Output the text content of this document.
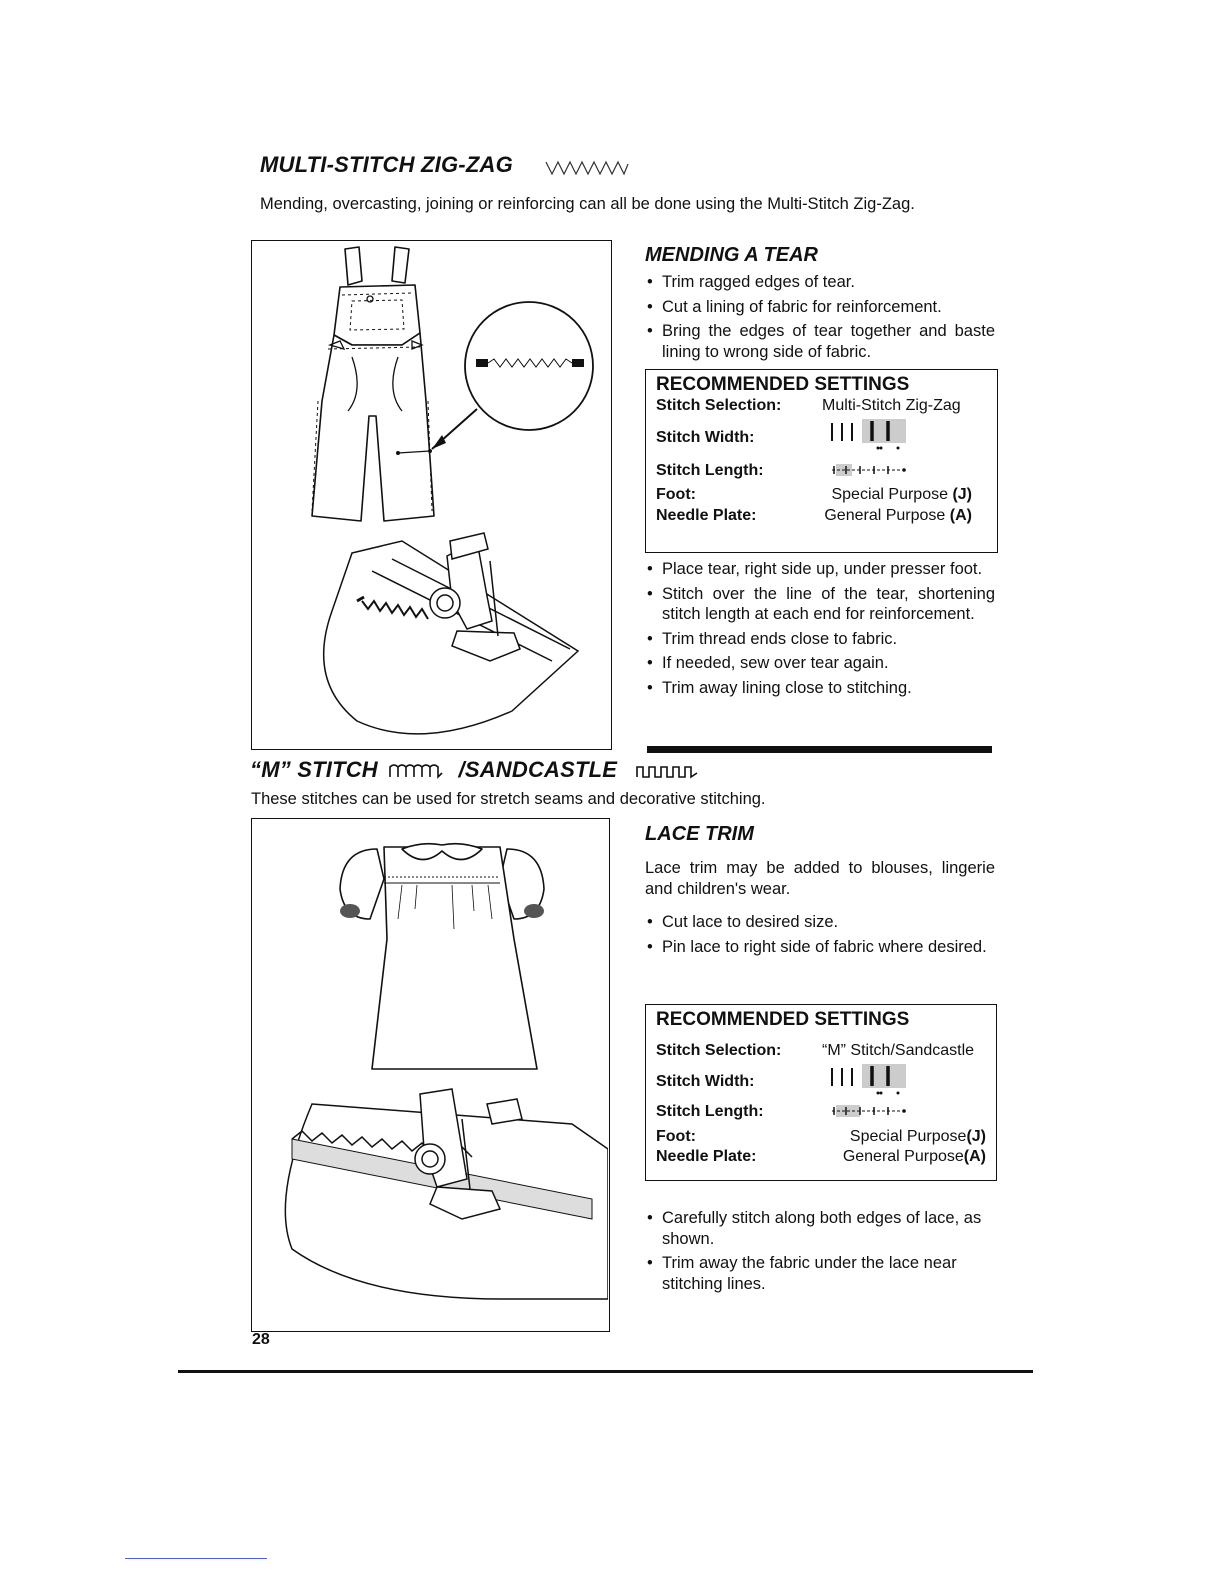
MULTI-STITCH ZIG-ZAG

Mending, overcasting, joining or reinforcing can all be done using the Multi-Stitch Zig-Zag.

MENDING A TEAR
• Trim ragged edges of tear.
• Cut a lining of fabric for reinforcement.
• Bring the edges of tear together and baste lining to wrong side of fabric.
RECOMMENDED SETTINGS
Stitch Selection:	Multi-Stitch Zig-Zag
Stitch Width:	
Stitch Length:	
Foot:	Special Purpose (J)
Needle Plate:	General Purpose (A)
• Place tear, right side up, under presser foot.
• Stitch over the line of the tear, shortening stitch length at each end for reinforcement.
• Trim thread ends close to fabric.
• If needed, sew over tear again.
• Trim away lining close to stitching.
“M” STITCH	/SANDCASTLE

These stitches can be used for stretch seams and decorative stitching.

LACE TRIM

Lace trim may be added to blouses, lingerie and children's wear.

• Cut lace to desired size.
• Pin lace to right side of fabric where desired.
RECOMMENDED SETTINGS
Stitch Selection:	“M” Stitch/Sandcastle
Stitch Width:	
Stitch Length:	
Foot:	Special Purpose(J)
Needle Plate:	General Purpose(A)
• Carefully stitch along both edges of lace, as shown.
• Trim away the fabric under the lace near stitching lines.
28
